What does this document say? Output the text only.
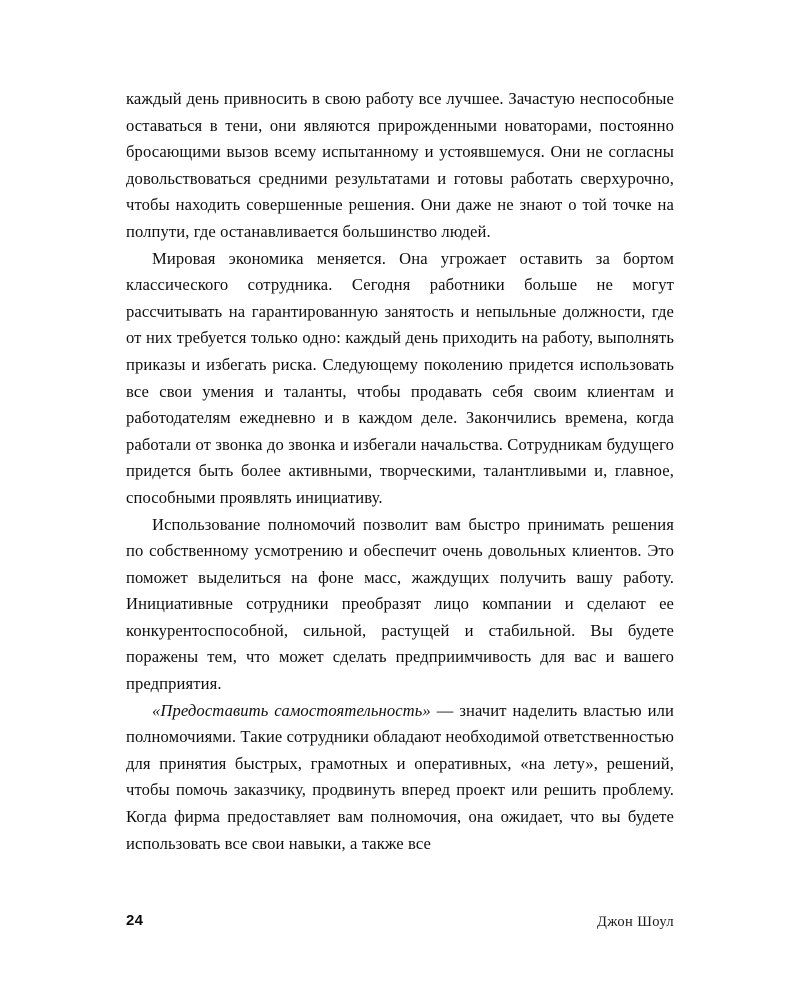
каждый день привносить в свою работу все лучшее. Зачастую неспособные оставаться в тени, они являются прирожденными новаторами, постоянно бросающими вызов всему испытанному и устоявшемуся. Они не согласны довольствоваться средними результатами и готовы работать сверхурочно, чтобы находить совершенные решения. Они даже не знают о той точке на полпути, где останавливается большинство людей.

Мировая экономика меняется. Она угрожает оставить за бортом классического сотрудника. Сегодня работники больше не могут рассчитывать на гарантированную занятость и непыльные должности, где от них требуется только одно: каждый день приходить на работу, выполнять приказы и избегать риска. Следующему поколению придется использовать все свои умения и таланты, чтобы продавать себя своим клиентам и работодателям ежедневно и в каждом деле. Закончились времена, когда работали от звонка до звонка и избегали начальства. Сотрудникам будущего придется быть более активными, творческими, талантливыми и, главное, способными проявлять инициативу.

Использование полномочий позволит вам быстро принимать решения по собственному усмотрению и обеспечит очень довольных клиентов. Это поможет выделиться на фоне масс, жаждущих получить вашу работу. Инициативные сотрудники преобразят лицо компании и сделают ее конкурентоспособной, сильной, растущей и стабильной. Вы будете поражены тем, что может сделать предприимчивость для вас и вашего предприятия.

«Предоставить самостоятельность» — значит наделить властью или полномочиями. Такие сотрудники обладают необходимой ответственностью для принятия быстрых, грамотных и оперативных, «на лету», решений, чтобы помочь заказчику, продвинуть вперед проект или решить проблему. Когда фирма предоставляет вам полномочия, она ожидает, что вы будете использовать все свои навыки, а также все

24	Джон Шоул
